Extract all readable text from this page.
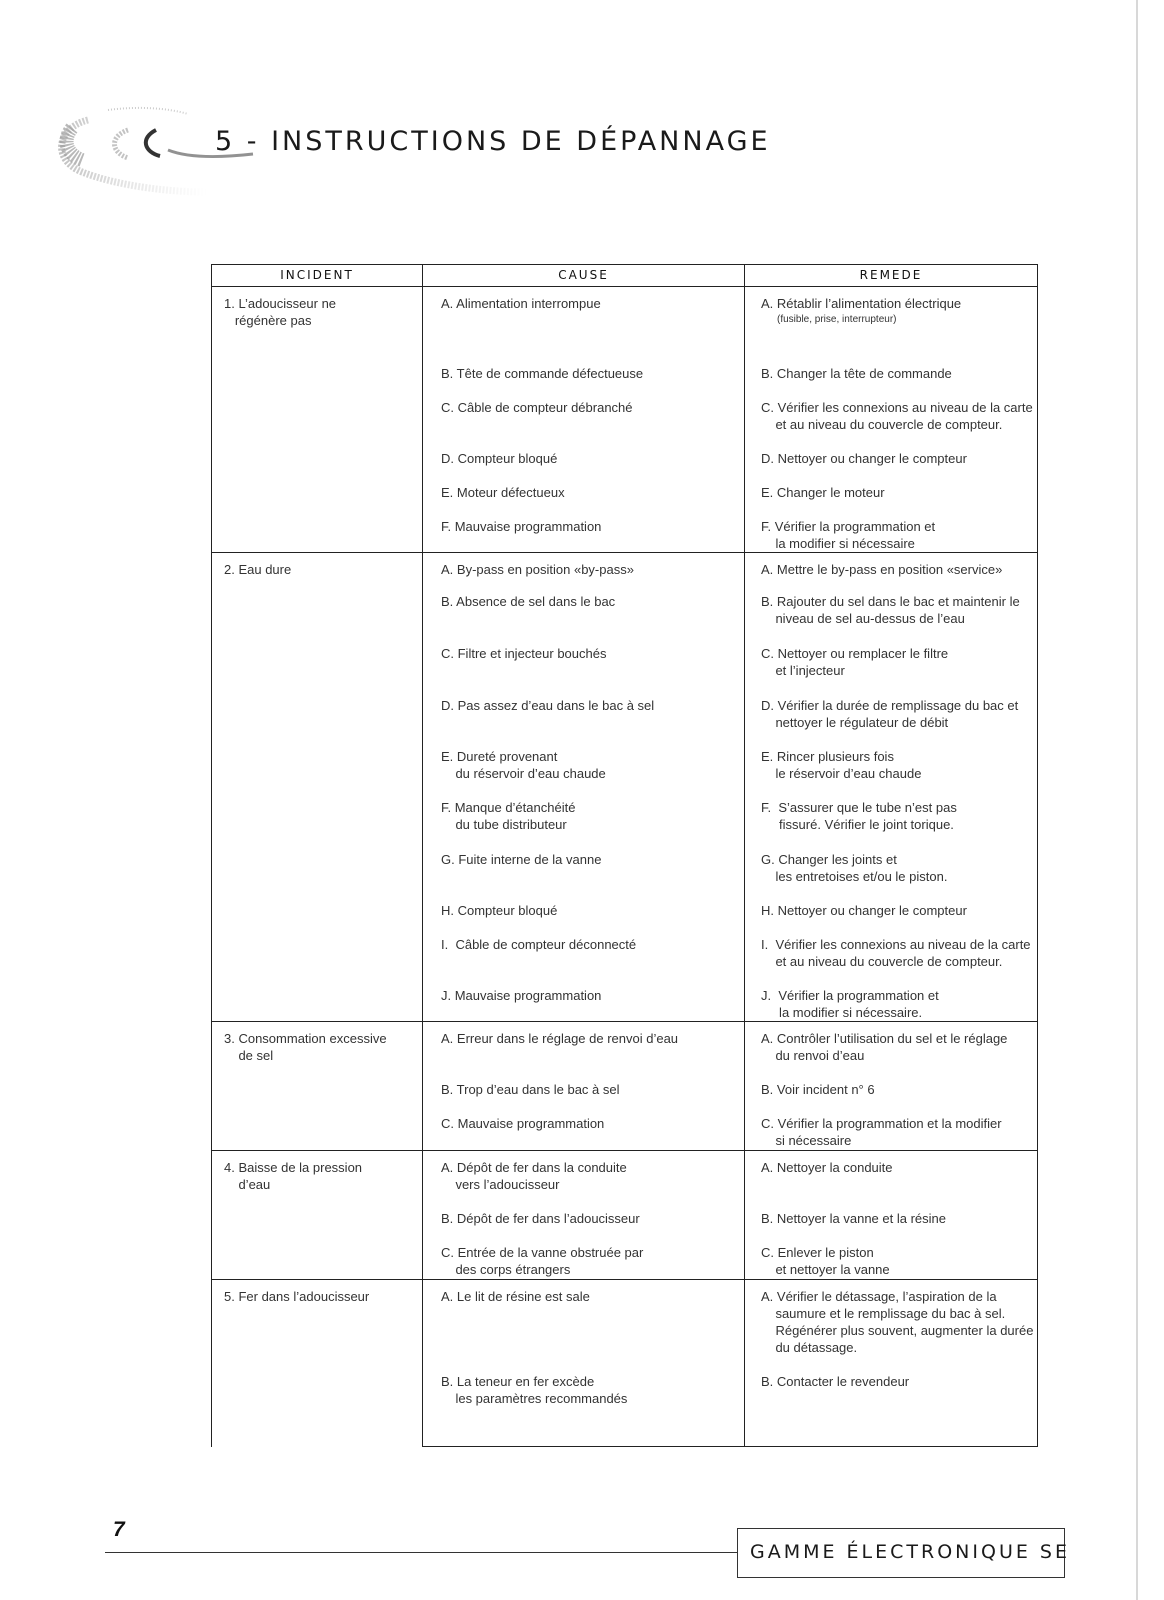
5 - INSTRUCTIONS DE DÉPANNAGE
INCIDENT	CAUSE	REMEDE

1. L’adoucisseur ne
régénère pas	A. Alimentation interrompue	A. Rétablir l’alimentation électrique
(fusible, prise, interrupteur)

	B. Tête de commande défectueuse	B. Changer la tête de commande

	C. Câble de compteur débranché	C. Vérifier les connexions au niveau de la carte
et au niveau du couvercle de compteur.

	D. Compteur bloqué	D. Nettoyer ou changer le compteur

	E. Moteur défectueux	E. Changer le moteur

	F. Mauvaise programmation	F. Vérifier la programmation et
la modifier si nécessaire

2. Eau dure	A. By-pass en position «by-pass»	A. Mettre le by-pass en position «service»

	B. Absence de sel dans le bac	B. Rajouter du sel dans le bac et maintenir le
niveau de sel au-dessus de l’eau

	C. Filtre et injecteur bouchés	C. Nettoyer ou remplacer le filtre
et l’injecteur

	D. Pas assez d’eau dans le bac à sel	D. Vérifier la durée de remplissage du bac et
nettoyer le régulateur de débit

	E. Dureté provenant
du réservoir d’eau chaude	E. Rincer plusieurs fois
le réservoir d’eau chaude

	F. Manque d’étanchéité
du tube distributeur	F.  S’assurer que le tube n’est pas
fissuré. Vérifier le joint torique.

	G. Fuite interne de la vanne	G. Changer les joints et
les entretoises et/ou le piston.

	H. Compteur bloqué	H. Nettoyer ou changer le compteur

	I.  Câble de compteur déconnecté	I.  Vérifier les connexions au niveau de la carte
et au niveau du couvercle de compteur.

	J. Mauvaise programmation	J.  Vérifier la programmation et
la modifier si nécessaire.

3. Consommation excessive
de sel	A. Erreur dans le réglage de renvoi d’eau	A. Contrôler l’utilisation du sel et le réglage
du renvoi d’eau

	B. Trop d’eau dans le bac à sel	B. Voir incident n° 6

	C. Mauvaise programmation	C. Vérifier la programmation et la modifier
si nécessaire

4. Baisse de la pression
d’eau	A. Dépôt de fer dans la conduite
vers l’adoucisseur	A. Nettoyer la conduite

	B. Dépôt de fer dans l’adoucisseur	B. Nettoyer la vanne et la résine

	C. Entrée de la vanne obstruée par
des corps étrangers	C. Enlever le piston
et nettoyer la vanne

5. Fer dans l’adoucisseur	A. Le lit de résine est sale	A. Vérifier le détassage, l’aspiration de la
saumure et le remplissage du bac à sel.
Régénérer plus souvent, augmenter la durée
du détassage.

	B. La teneur en fer excède
les paramètres recommandés	B. Contacter le revendeur
7
GAMME ÉLECTRONIQUE SE
